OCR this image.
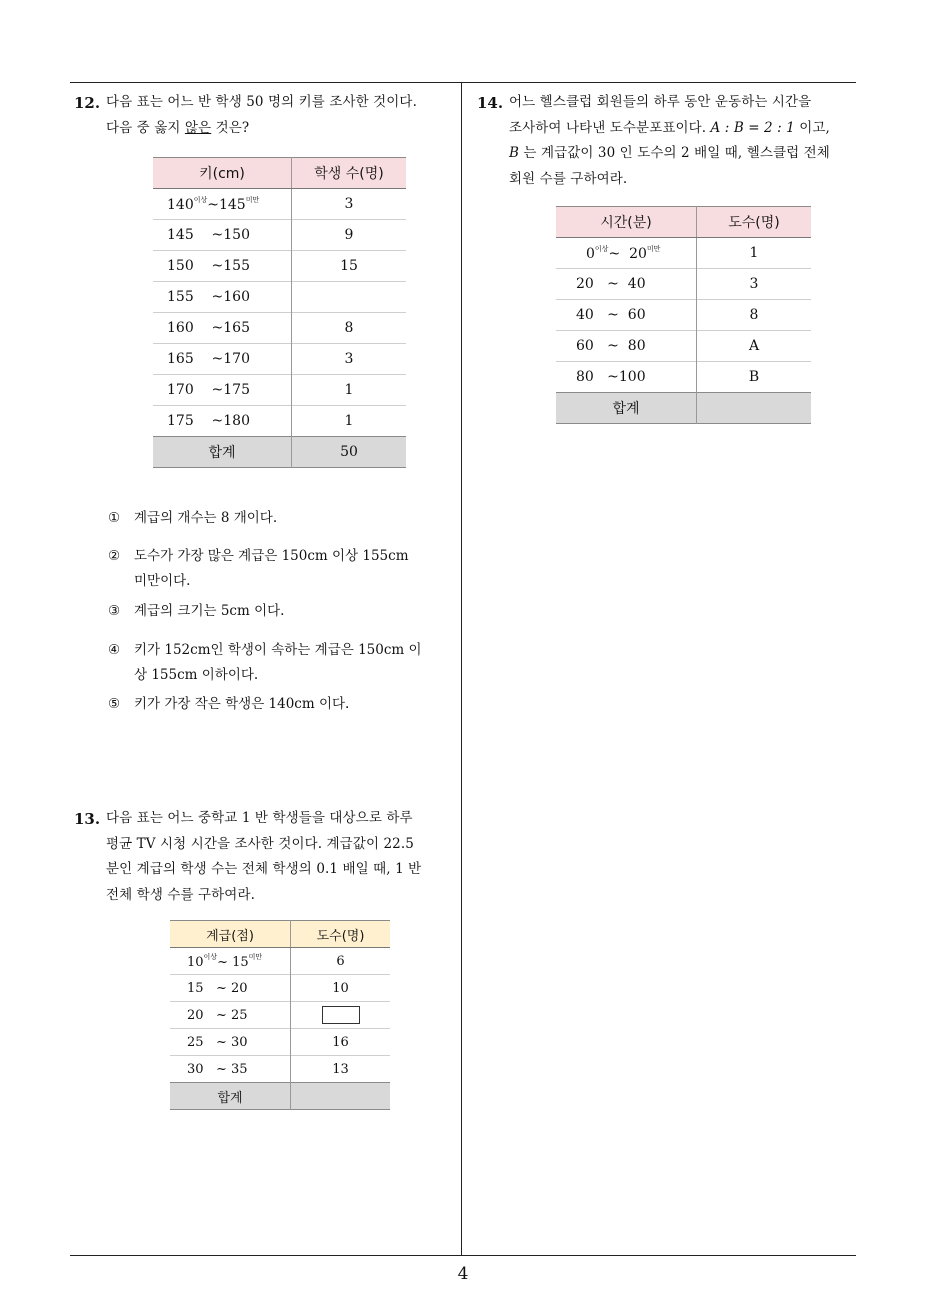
12. 다음 표는 어느 반 학생 50 명의 키를 조사한 것이다.
다음 중 옳지 않은 것은?
키(cm)	학생 수(명)
$140^{이상}\sim 145^{미만}$	3
145    ~150	9
150    ~155	15
155    ~160	
160    ~165	8
165    ~170	3
170    ~175	1
175    ~180	1
합계	50
① 계급의 개수는 8 개이다.
② 도수가 가장 많은 계급은 150cm 이상 155cm
미만이다.
③ 계급의 크기는 5cm 이다.
④ 키가 152cm인 학생이 속하는 계급은 150cm 이
상 155cm 이하이다.
⑤ 키가 가장 작은 학생은 140cm 이다.
13. 다음 표는 어느 중학교 1 반 학생들을 대상으로 하루
평균 TV 시청 시간을 조사한 것이다. 계급값이 22.5
분인 계급의 학생 수는 전체 학생의 0.1 배일 때, 1 반
전체 학생 수를 구하여라.
계급(점)	도수(명)
$10^{이상}\sim$ $15^{미만}$	6
15   ~ 20	10
20   ~ 25	
25   ~ 30	16
30   ~ 35	13
합계	
14. 어느 헬스클럽 회원들의 하루 동안 운동하는 시간을
조사하여 나타낸 도수분포표이다. A : B = 2 : 1 이고,
B 는 계급값이 30 인 도수의 2 배일 때, 헬스클럽 전체
회원 수를 구하여라.
시간(분)	도수(명)
$0^{이상}\sim$  $20^{미만}$	1
20   ~  40	3
40   ~  60	8
60   ~  80	A
80   ~100	B
합계	
4
